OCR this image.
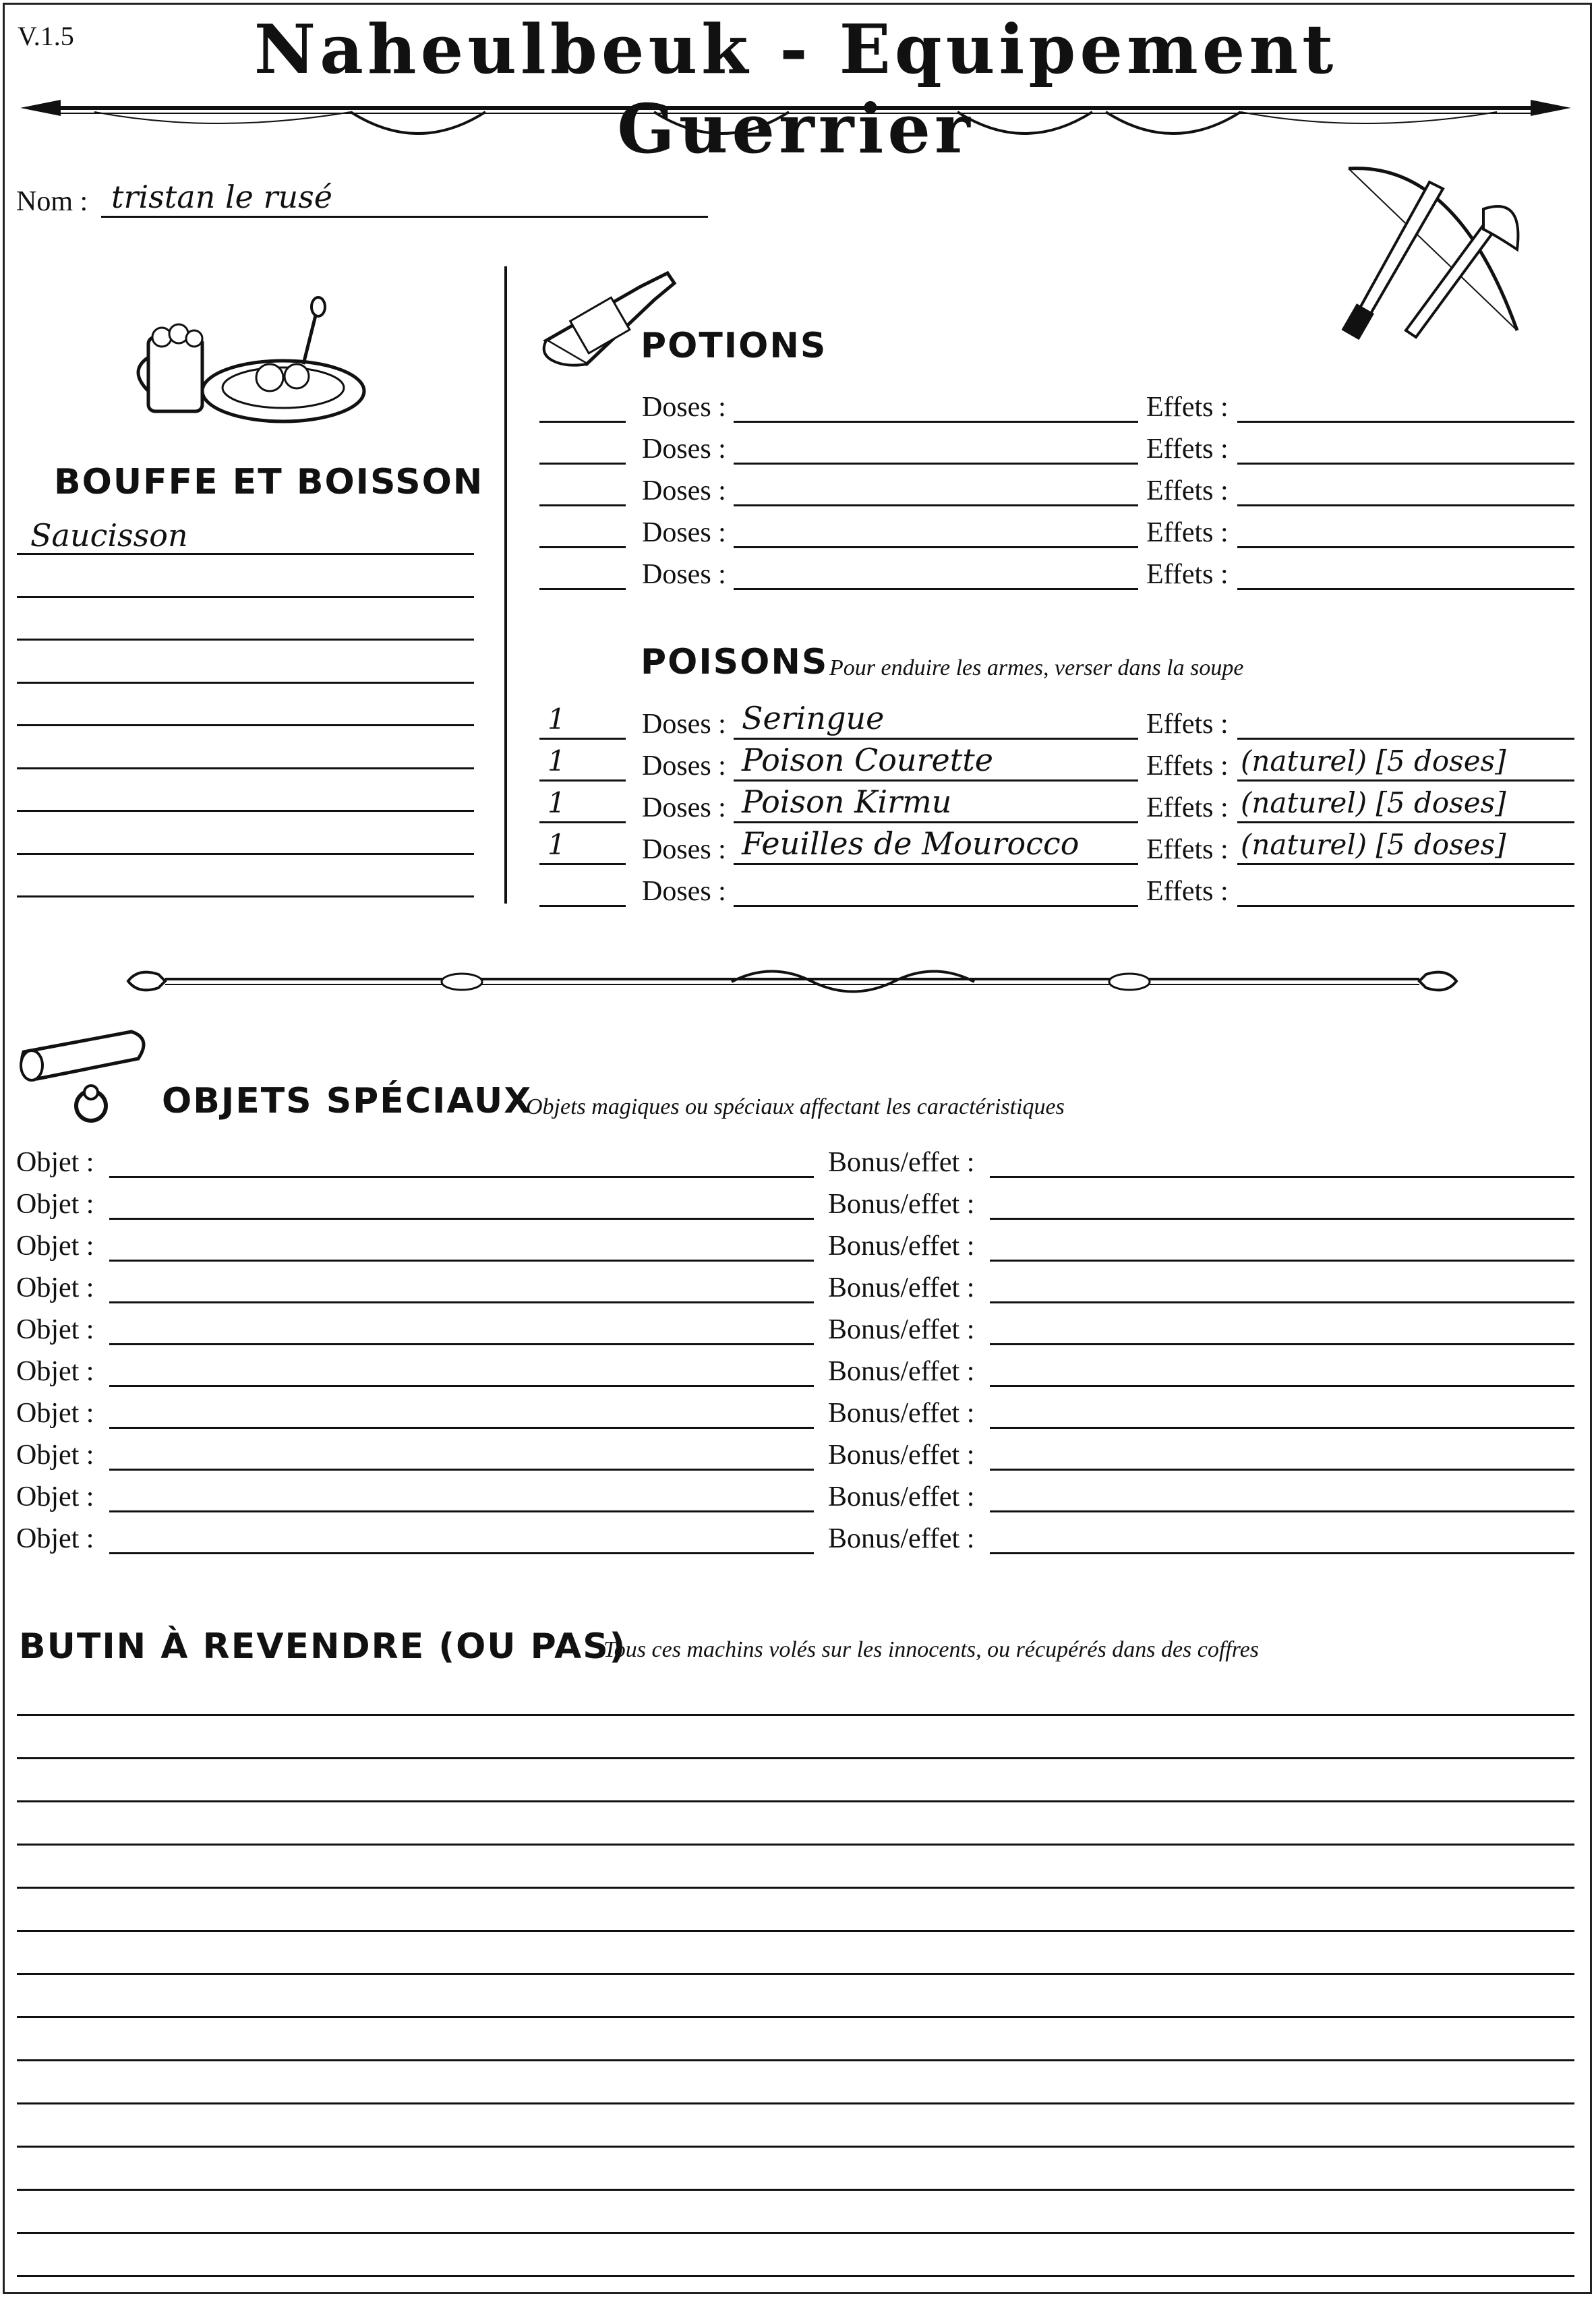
V.1.5	Naheulbeuk - Equipement Guerrier
Nom : tristan le rusé
BOUFFE ET BOISSON
Saucisson
POTIONS
Doses :	Effets :
Doses :	Effets :
Doses :	Effets :
Doses :	Effets :
Doses :	Effets :
POISONS Pour enduire les armes, verser dans la soupe
1	Doses : Seringue	Effets :
1	Doses : Poison Courette	Effets : (naturel) [5 doses]
1	Doses : Poison Kirmu	Effets : (naturel) [5 doses]
1	Doses : Feuilles de Mourocco Effets : (naturel) [5 doses]
Doses :	Effets :
OBJETS SPÉCIAUX
Objets magiques ou spéciaux affectant les caractéristiques
Objet :	Bonus/effet :
Objet :	Bonus/effet :
Objet :	Bonus/effet :
Objet :	Bonus/effet :
Objet :	Bonus/effet :
Objet :	Bonus/effet :
Objet :	Bonus/effet :
Objet :	Bonus/effet :
Objet :	Bonus/effet :
Objet :	Bonus/effet :
BUTIN À REVENDRE (OU PAS)
Tous ces machins volés sur les innocents, ou récupérés dans des coffres
